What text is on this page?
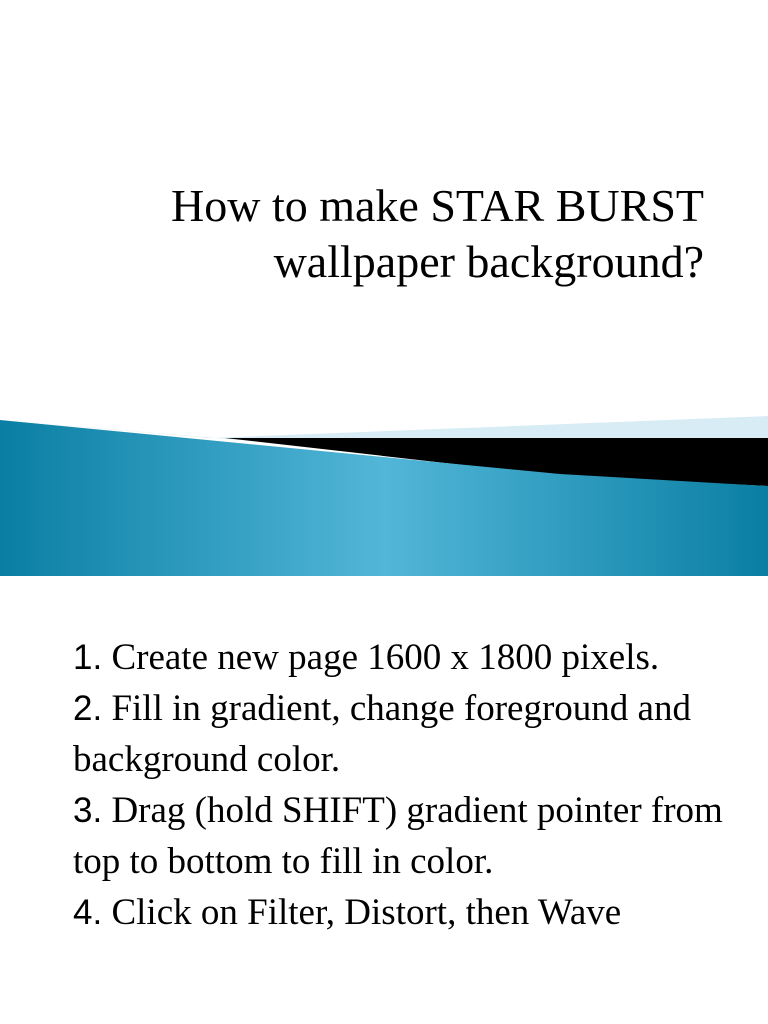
How to make STAR BURST
wallpaper background?
1. Create new page 1600 x 1800 pixels.
2. Fill in gradient, change foreground and background color.
3. Drag (hold SHIFT) gradient pointer from top to bottom to fill in color.
4. Click on Filter, Distort, then Wave
